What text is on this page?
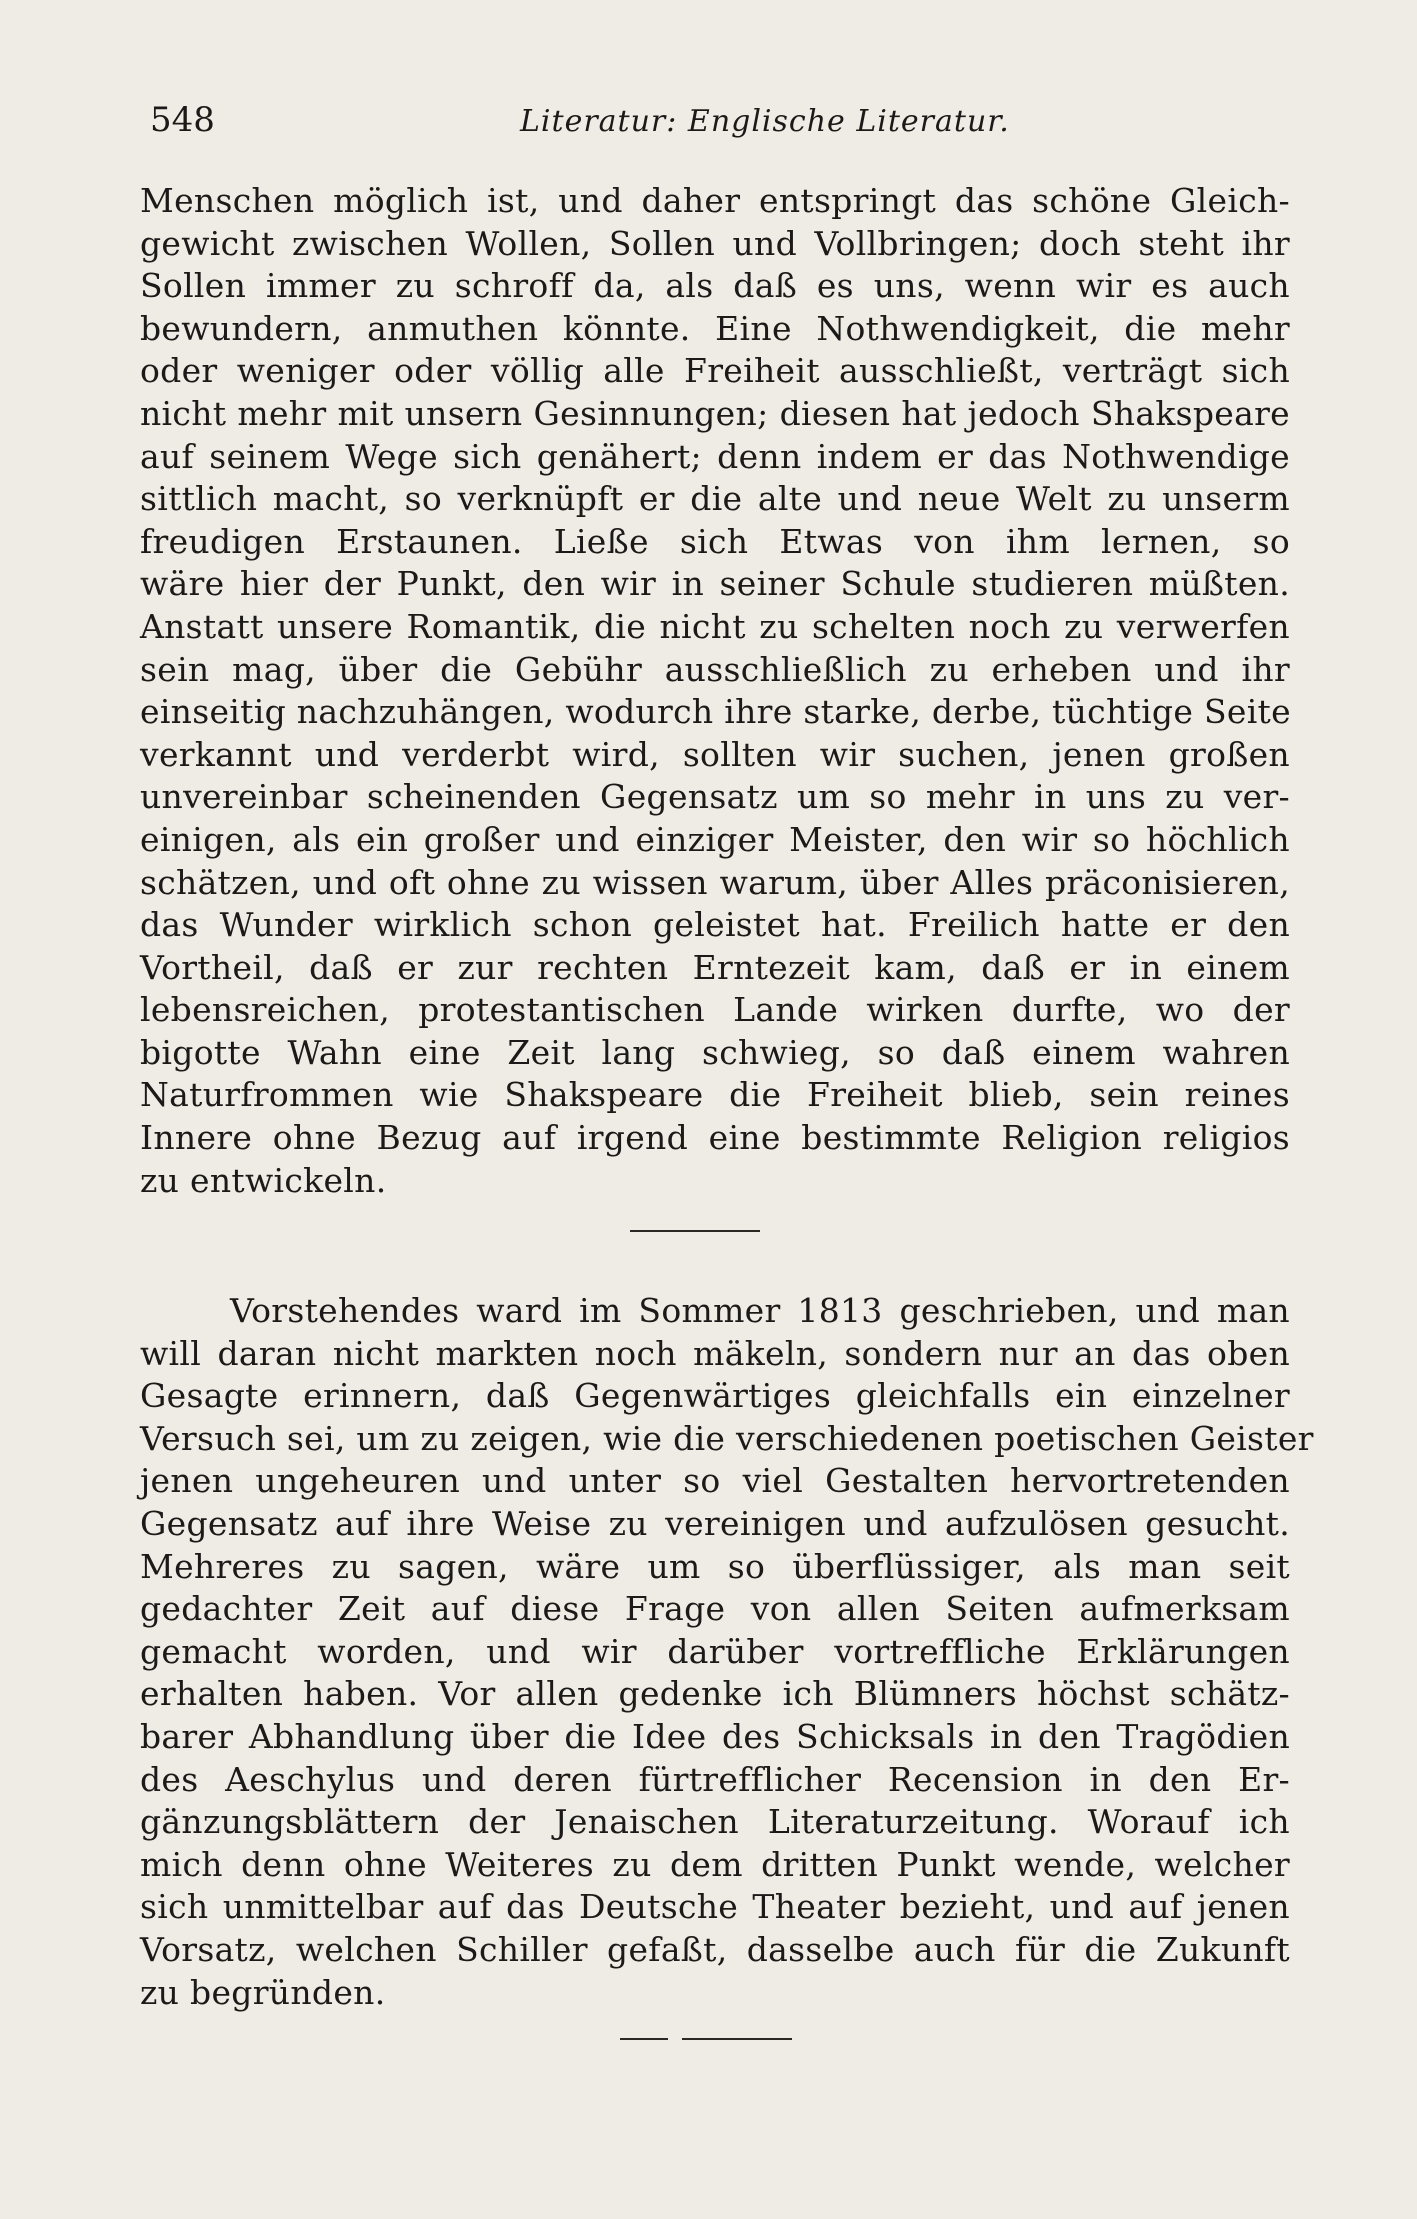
548	Literatur: Englische Literatur.
Menschen möglich ist, und daher entspringt das schöne Gleich-
gewicht zwischen Wollen, Sollen und Vollbringen; doch steht ihr
Sollen immer zu schroff da, als daß es uns, wenn wir es auch
bewundern, anmuthen könnte. Eine Nothwendigkeit, die mehr
oder weniger oder völlig alle Freiheit ausschließt, verträgt sich
nicht mehr mit unsern Gesinnungen; diesen hat jedoch Shakspeare
auf seinem Wege sich genähert; denn indem er das Nothwendige
sittlich macht, so verknüpft er die alte und neue Welt zu unserm
freudigen Erstaunen. Ließe sich Etwas von ihm lernen, so
wäre hier der Punkt, den wir in seiner Schule studieren müßten.
Anstatt unsere Romantik, die nicht zu schelten noch zu verwerfen
sein mag, über die Gebühr ausschließlich zu erheben und ihr
einseitig nachzuhängen, wodurch ihre starke, derbe, tüchtige Seite
verkannt und verderbt wird, sollten wir suchen, jenen großen
unvereinbar scheinenden Gegensatz um so mehr in uns zu ver-
einigen, als ein großer und einziger Meister, den wir so höchlich
schätzen, und oft ohne zu wissen warum, über Alles präconisieren,
das Wunder wirklich schon geleistet hat. Freilich hatte er den
Vortheil, daß er zur rechten Erntezeit kam, daß er in einem
lebensreichen, protestantischen Lande wirken durfte, wo der
bigotte Wahn eine Zeit lang schwieg, so daß einem wahren
Naturfrommen wie Shakspeare die Freiheit blieb, sein reines
Innere ohne Bezug auf irgend eine bestimmte Religion religios
zu entwickeln.
Vorstehendes ward im Sommer 1813 geschrieben, und man
will daran nicht markten noch mäkeln, sondern nur an das oben
Gesagte erinnern, daß Gegenwärtiges gleichfalls ein einzelner
Versuch sei, um zu zeigen, wie die verschiedenen poetischen Geister
jenen ungeheuren und unter so viel Gestalten hervortretenden
Gegensatz auf ihre Weise zu vereinigen und aufzulösen gesucht.
Mehreres zu sagen, wäre um so überflüssiger, als man seit
gedachter Zeit auf diese Frage von allen Seiten aufmerksam
gemacht worden, und wir darüber vortreffliche Erklärungen
erhalten haben. Vor allen gedenke ich Blümners höchst schätz-
barer Abhandlung über die Idee des Schicksals in den Tragödien
des Aeschylus und deren fürtrefflicher Recension in den Er-
gänzungsblättern der Jenaischen Literaturzeitung. Worauf ich
mich denn ohne Weiteres zu dem dritten Punkt wende, welcher
sich unmittelbar auf das Deutsche Theater bezieht, und auf jenen
Vorsatz, welchen Schiller gefaßt, dasselbe auch für die Zukunft
zu begründen.
